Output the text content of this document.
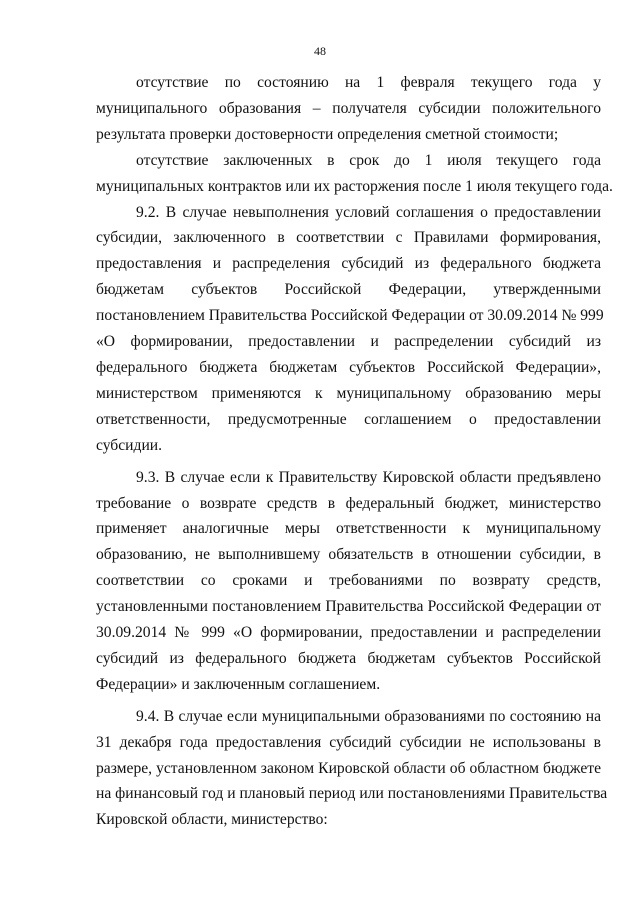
48
отсутствие по состоянию на 1 февраля текущего года у
муниципального образования – получателя субсидии положительного
результата проверки достоверности определения сметной стоимости;
отсутствие заключенных в срок до 1 июля текущего года
муниципальных контрактов или их расторжения после 1 июля текущего года.
9.2. В случае невыполнения условий соглашения о предоставлении
субсидии, заключенного в соответствии с Правилами формирования,
предоставления и распределения субсидий из федерального бюджета
бюджетам субъектов Российской Федерации, утвержденными
постановлением Правительства Российской Федерации от 30.09.2014 № 999
«О формировании, предоставлении и распределении субсидий из
федерального бюджета бюджетам субъектов Российской Федерации»,
министерством применяются к муниципальному образованию меры
ответственности, предусмотренные соглашением о предоставлении
субсидии.
9.3. В случае если к Правительству Кировской области предъявлено
требование о возврате средств в федеральный бюджет, министерство
применяет аналогичные меры ответственности к муниципальному
образованию, не выполнившему обязательств в отношении субсидии, в
соответствии со сроками и требованиями по возврату средств,
установленными постановлением Правительства Российской Федерации от
30.09.2014 № 999 «О формировании, предоставлении и распределении
субсидий из федерального бюджета бюджетам субъектов Российской
Федерации» и заключенным соглашением.
9.4. В случае если муниципальными образованиями по состоянию на
31 декабря года предоставления субсидий субсидии не использованы в
размере, установленном законом Кировской области об областном бюджете
на финансовый год и плановый период или постановлениями Правительства
Кировской области, министерство:
